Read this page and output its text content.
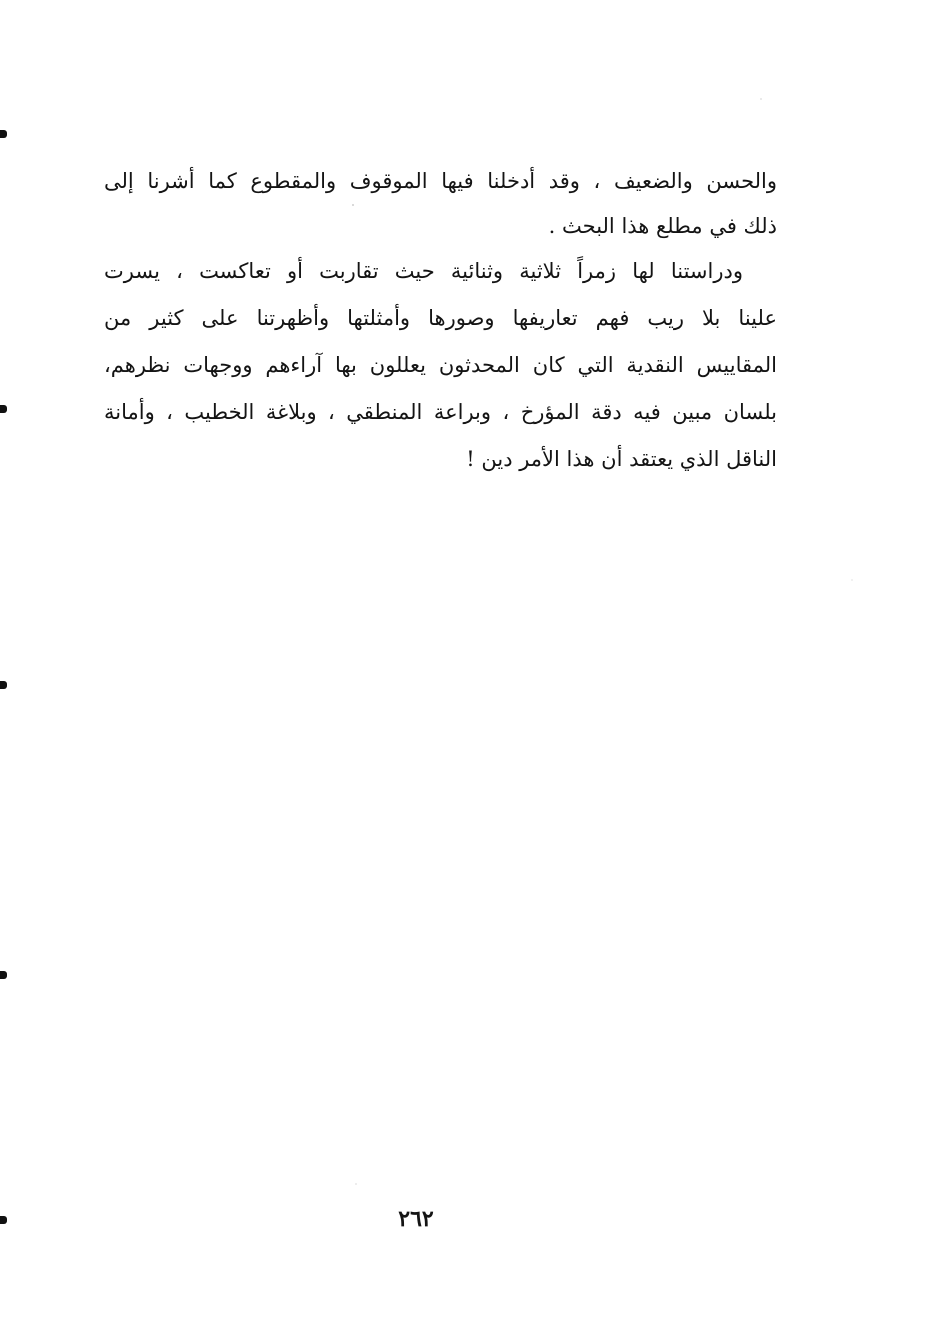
والحسن والضعيف ، وقد أدخلنا فيها الموقوف والمقطوع كما أشرنا إلى
ذلك في مطلع هذا البحث .
ودراستنا لها زمراً ثلاثية وثنائية حيث تقاربت أو تعاكست ، يسرت
علينا بلا ريب فهم تعاريفها وصورها وأمثلتها وأظهرتنا على كثير من
المقاييس النقدية التي كان المحدثون يعللون بها آراءهم ووجهات نظرهم،
بلسان مبين فيه دقة المؤرخ ، وبراعة المنطقي ، وبلاغة الخطيب ، وأمانة
الناقل الذي يعتقد أن هذا الأمر دين !
٢٦٢
